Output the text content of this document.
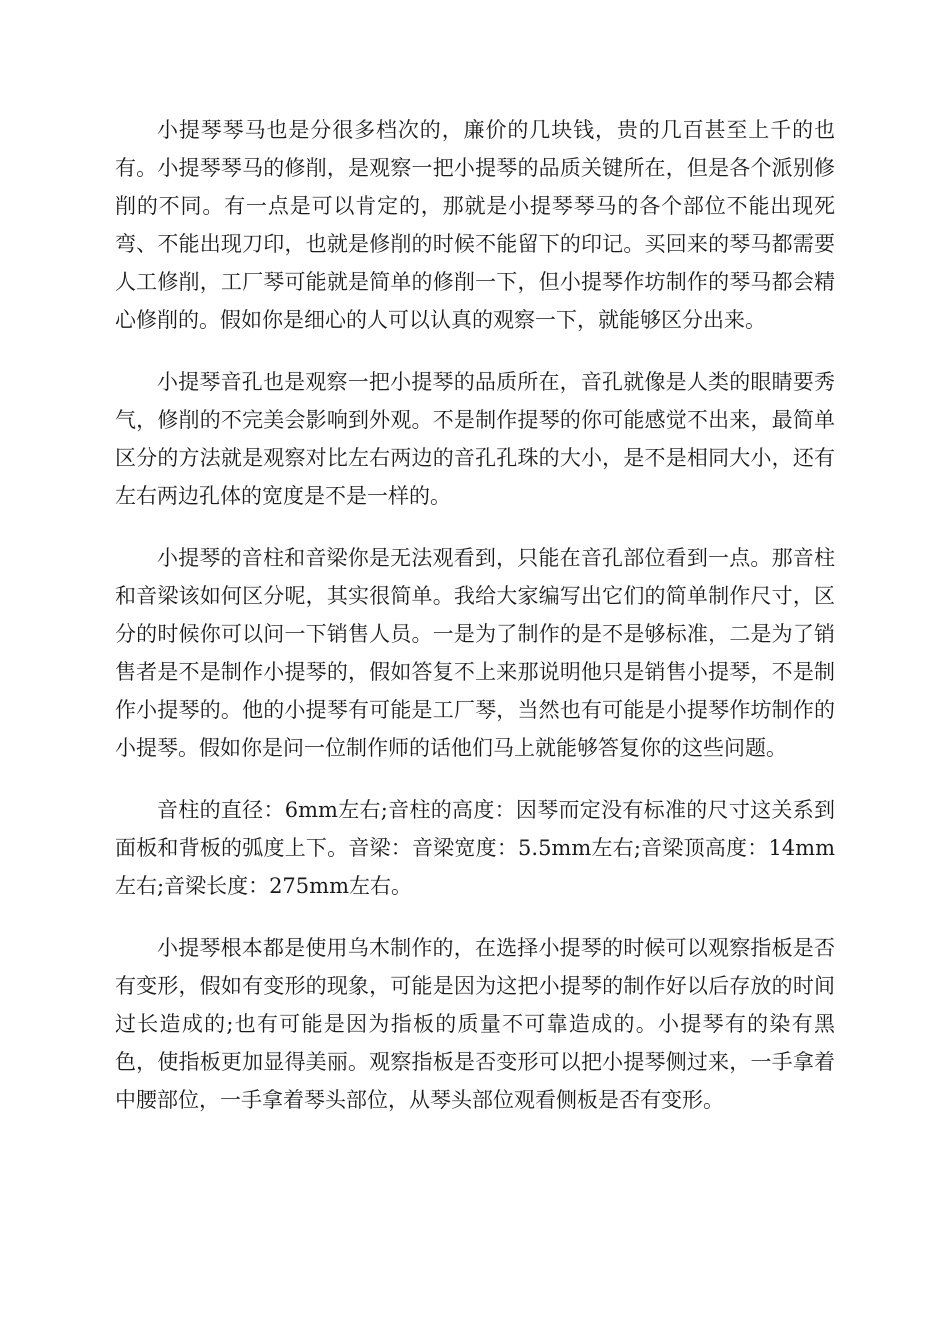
小提琴琴马也是分很多档次的，廉价的几块钱，贵的几百甚至上千的也有。小提琴琴马的修削，是观察一把小提琴的品质关键所在，但是各个派别修削的不同。有一点是可以肯定的，那就是小提琴琴马的各个部位不能出现死弯、不能出现刀印，也就是修削的时候不能留下的印记。买回来的琴马都需要人工修削，工厂琴可能就是简单的修削一下，但小提琴作坊制作的琴马都会精心修削的。假如你是细心的人可以认真的观察一下，就能够区分出来。

小提琴音孔也是观察一把小提琴的品质所在，音孔就像是人类的眼睛要秀气，修削的不完美会影响到外观。不是制作提琴的你可能感觉不出来，最简单区分的方法就是观察对比左右两边的音孔孔珠的大小，是不是相同大小，还有左右两边孔体的宽度是不是一样的。

小提琴的音柱和音梁你是无法观看到，只能在音孔部位看到一点。那音柱和音梁该如何区分呢，其实很简单。我给大家编写出它们的简单制作尺寸，区分的时候你可以问一下销售人员。一是为了制作的是不是够标准，二是为了销售者是不是制作小提琴的，假如答复不上来那说明他只是销售小提琴，不是制作小提琴的。他的小提琴有可能是工厂琴，当然也有可能是小提琴作坊制作的小提琴。假如你是问一位制作师的话他们马上就能够答复你的这些问题。

音柱的直径：6mm左右;音柱的高度：因琴而定没有标准的尺寸这关系到面板和背板的弧度上下。音梁：音梁宽度：5.5mm左右;音梁顶高度：14mm左右;音梁长度：275mm左右。

小提琴根本都是使用乌木制作的，在选择小提琴的时候可以观察指板是否有变形，假如有变形的现象，可能是因为这把小提琴的制作好以后存放的时间过长造成的;也有可能是因为指板的质量不可靠造成的。小提琴有的染有黑色，使指板更加显得美丽。观察指板是否变形可以把小提琴侧过来，一手拿着中腰部位，一手拿着琴头部位，从琴头部位观看侧板是否有变形。
